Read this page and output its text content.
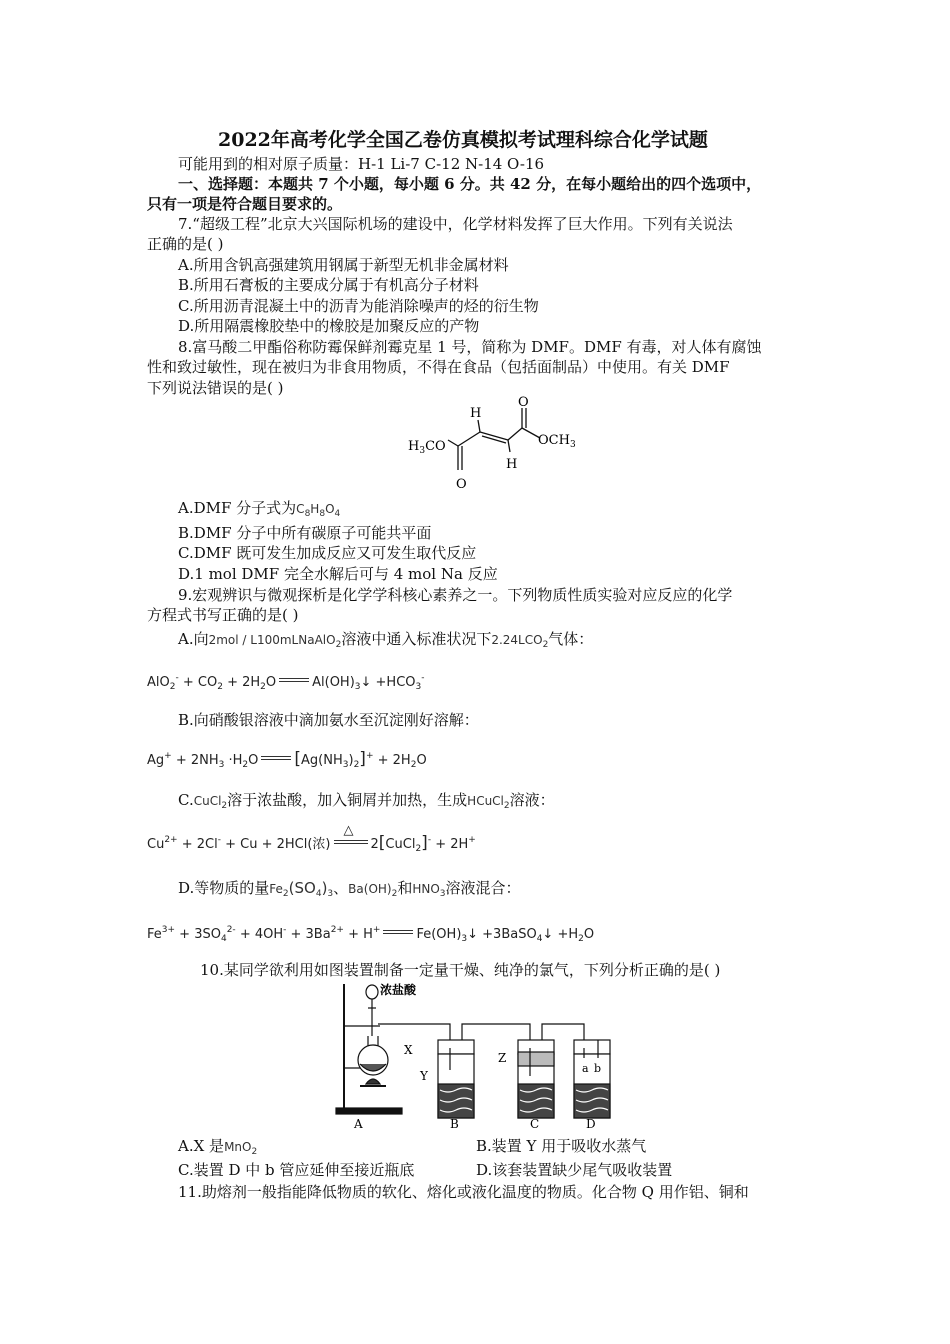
2022年高考化学全国乙卷仿真模拟考试理科综合化学试题
可能用到的相对原子质量：H-1 Li-7 C-12 N-14 O-16
一、选择题：本题共 7 个小题，每小题 6 分。共 42 分，在每小题给出的四个选项中，
只有一项是符合题目要求的。
7.“超级工程”北京大兴国际机场的建设中，化学材料发挥了巨大作用。下列有关说法
正确的是( )
A.所用含钒高强建筑用钢属于新型无机非金属材料
B.所用石膏板的主要成分属于有机高分子材料
C.所用沥青混凝土中的沥青为能消除噪声的烃的衍生物
D.所用隔震橡胶垫中的橡胶是加聚反应的产物
8.富马酸二甲酯俗称防霉保鲜剂霉克星 1 号，简称为 DMF。DMF 有毒，对人体有腐蚀
性和致过敏性，现在被归为非食用物质，不得在食品（包括面制品）中使用。有关 DMF
下列说法错误的是( )
O
H
$OCH_3$
$H_3CO$
H
O
A.DMF 分子式为$C_8H_8O_4$
B.DMF 分子中所有碳原子可能共平面
C.DMF 既可发生加成反应又可发生取代反应
D.1 mol DMF 完全水解后可与 4 mol Na 反应
9.宏观辨识与微观探析是化学学科核心素养之一。下列物质性质实验对应反应的化学
方程式书写正确的是( )
A.向2mol / L100mLNaAlO$_2$溶液中通入标准状况下$2.24LCO_2$气体：
$AlO_2^- + CO_2 + 2H_2O$	$Al(OH)_3↓ +HCO_3^-$
B.向硝酸银溶液中滴加氨水至沉淀刚好溶解：
$Ag^+ + 2NH_3 \cdot H_2O$ $[Ag(NH_3)_2]^+ + 2H_2O$
C.CuCl$_2$溶于浓盐酸，加入铜屑并加热，生成HCuCl$_2$溶液：
$Cu^{2+} + 2Cl^- + Cu + 2HCl$(浓)
△
2[CuCl$_2$]- + 2H+
D.等物质的量$Fe_2(SO_4)_3$、$Ba(OH)_2$和$HNO_3$溶液混合：
$Fe^{3+} + 3SO_4^{2-} + 4OH^- + 3Ba^{2+} + H^+$	$Fe(OH)_3↓$ +3BaSO$_4$↓ $+H_2O$
10.某同学欲利用如图装置制备一定量干燥、纯净的氯气，下列分析正确的是( )
浓盐酸
X
Y
Z
a b
A	B	C	D
A.X 是MnO$_2$	B.装置 Y 用于吸收水蒸气
C.装置 D 中 b 管应延伸至接近瓶底	D.该套装置缺少尾气吸收装置
11.助熔剂一般指能降低物质的软化、熔化或液化温度的物质。化合物 Q 用作铝、铜和
